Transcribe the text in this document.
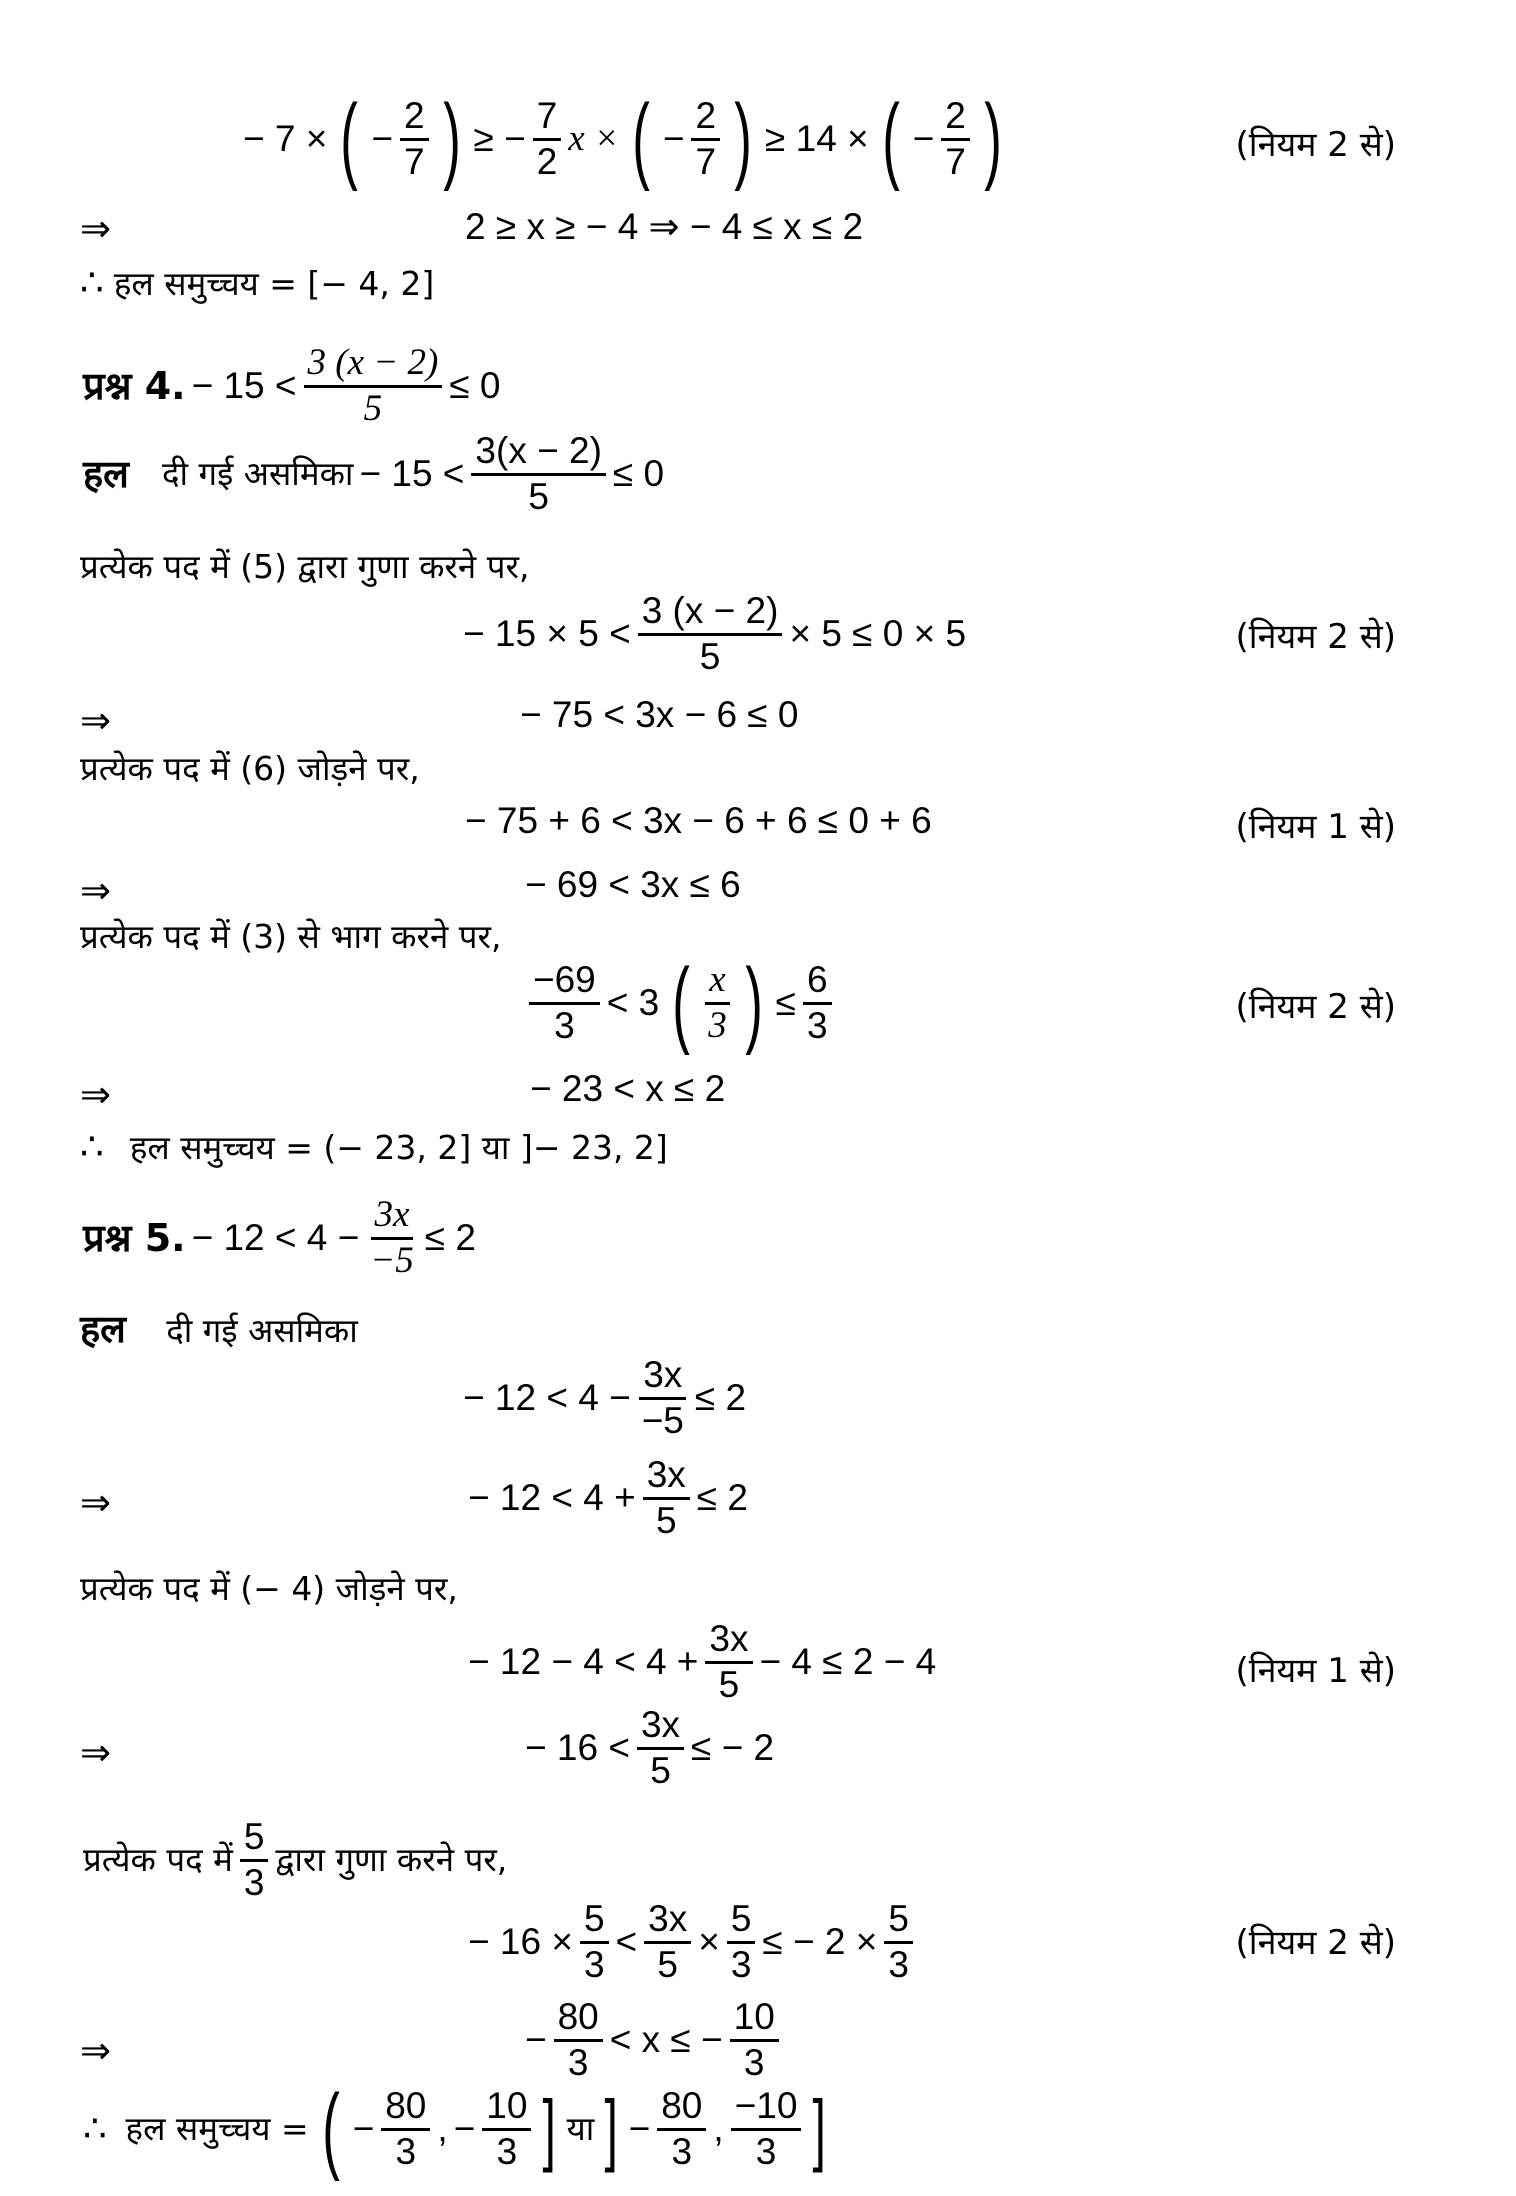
− 7 × ( − $\frac{2}{7}$ ) ≥ − $\frac{7}{2}$ x × ( − $\frac{2}{7}$ ) ≥ 14 × ( − $\frac{2}{7}$ )	(नियम 2 से)
⇒	2 ≥ x ≥ − 4 ⇒ − 4 ≤ x ≤ 2
∴ हल समुच्चय = [− 4, 2]
प्रश्न 4. − $15 < \frac{3 (x - 2)}{5} \le 0$
हल दी गई असमिका − $15 < \frac{3(x - 2)}{5} \le 0$
प्रत्येक पद में (5) द्वारा गुणा करने पर,
− $15 \times 5 < \frac{3 (x - 2)}{5} \times 5 \le 0 \times 5$	(नियम 2 से)
⇒	− 75 < 3x − 6 ≤ 0
प्रत्येक पद में (6) जोड़ने पर,
− 75 + 6 < 3x − 6 + 6 ≤ 0 + 6	(नियम 1 से)
⇒	− 69 < 3x ≤ 6
प्रत्येक पद में (3) से भाग करने पर,
$\frac{-69}{3} < 3$ ( $\frac{x}{3}$ ) ≤ $\frac{6}{3}$	(नियम 2 से)
⇒	− 23 < x ≤ 2
∴ हल समुच्चय = (− 23, 2] या ]− 23, 2]
प्रश्न 5. − $12 < 4 - \frac{3x}{-5} \le 2$
हल दी गई असमिका
− $12 < 4 - \frac{3x}{-5} \le 2$
⇒	− $12 < 4 + \frac{3x}{5} \le 2$
प्रत्येक पद में (− 4) जोड़ने पर,
− $12 - 4 < 4 + \frac{3x}{5} - 4 \le 2 - 4$	(नियम 1 से)
⇒	− $16 < \frac{3x}{5}$ ≤ − 2
प्रत्येक पद में $\frac{5}{3}$ द्वारा गुणा करने पर,
− $16 \times \frac{5}{3} < \frac{3x}{5} \times \frac{5}{3}$ ≤ − $2 \times \frac{5}{3}$	(नियम 2 से)
⇒	− $\frac{80}{3} < x$ ≤ − $\frac{10}{3}$
∴ हल समुच्चय = ( − $\frac{80}{3}$ , − $\frac{10}{3}$ ] या ] − $\frac{80}{3}$ , $\frac{-10}{3}$ ]
